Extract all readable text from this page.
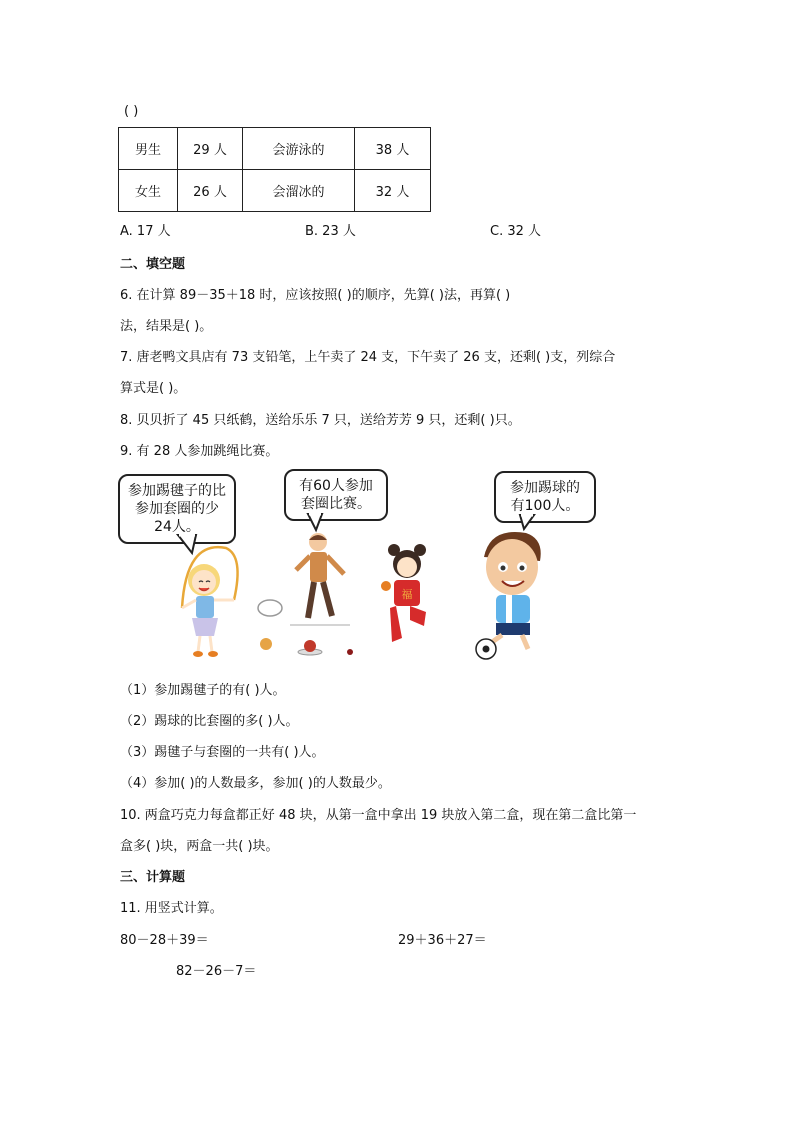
( )
男生	29 人	会游泳的	38 人
女生	26 人	会溜冰的	32 人
A. 17 人	B. 23 人	C. 32 人
二、填空题
6. 在计算 89－35＋18 时，应该按照( )的顺序，先算( )法，再算( )
法，结果是( )。
7. 唐老鸭文具店有 73 支铅笔，上午卖了 24 支，下午卖了 26 支，还剩( )支，列综合
算式是( )。
8. 贝贝折了 45 只纸鹤，送给乐乐 7 只，送给芳芳 9 只，还剩( )只。
9. 有 28 人参加跳绳比赛。
参加踢毽子的比参加套圈的少24人。
有60人参加套圈比赛。
参加踢球的有100人。
福
（1）参加踢毽子的有( )人。
（2）踢球的比套圈的多( )人。
（3）踢毽子与套圈的一共有( )人。
（4）参加( )的人数最多，参加( )的人数最少。
10. 两盒巧克力每盒都正好 48 块，从第一盒中拿出 19 块放入第二盒，现在第二盒比第一
盒多( )块，两盒一共( )块。
三、计算题
11. 用竖式计算。
80－28＋39＝	29＋36＋27＝
82－26－7＝
